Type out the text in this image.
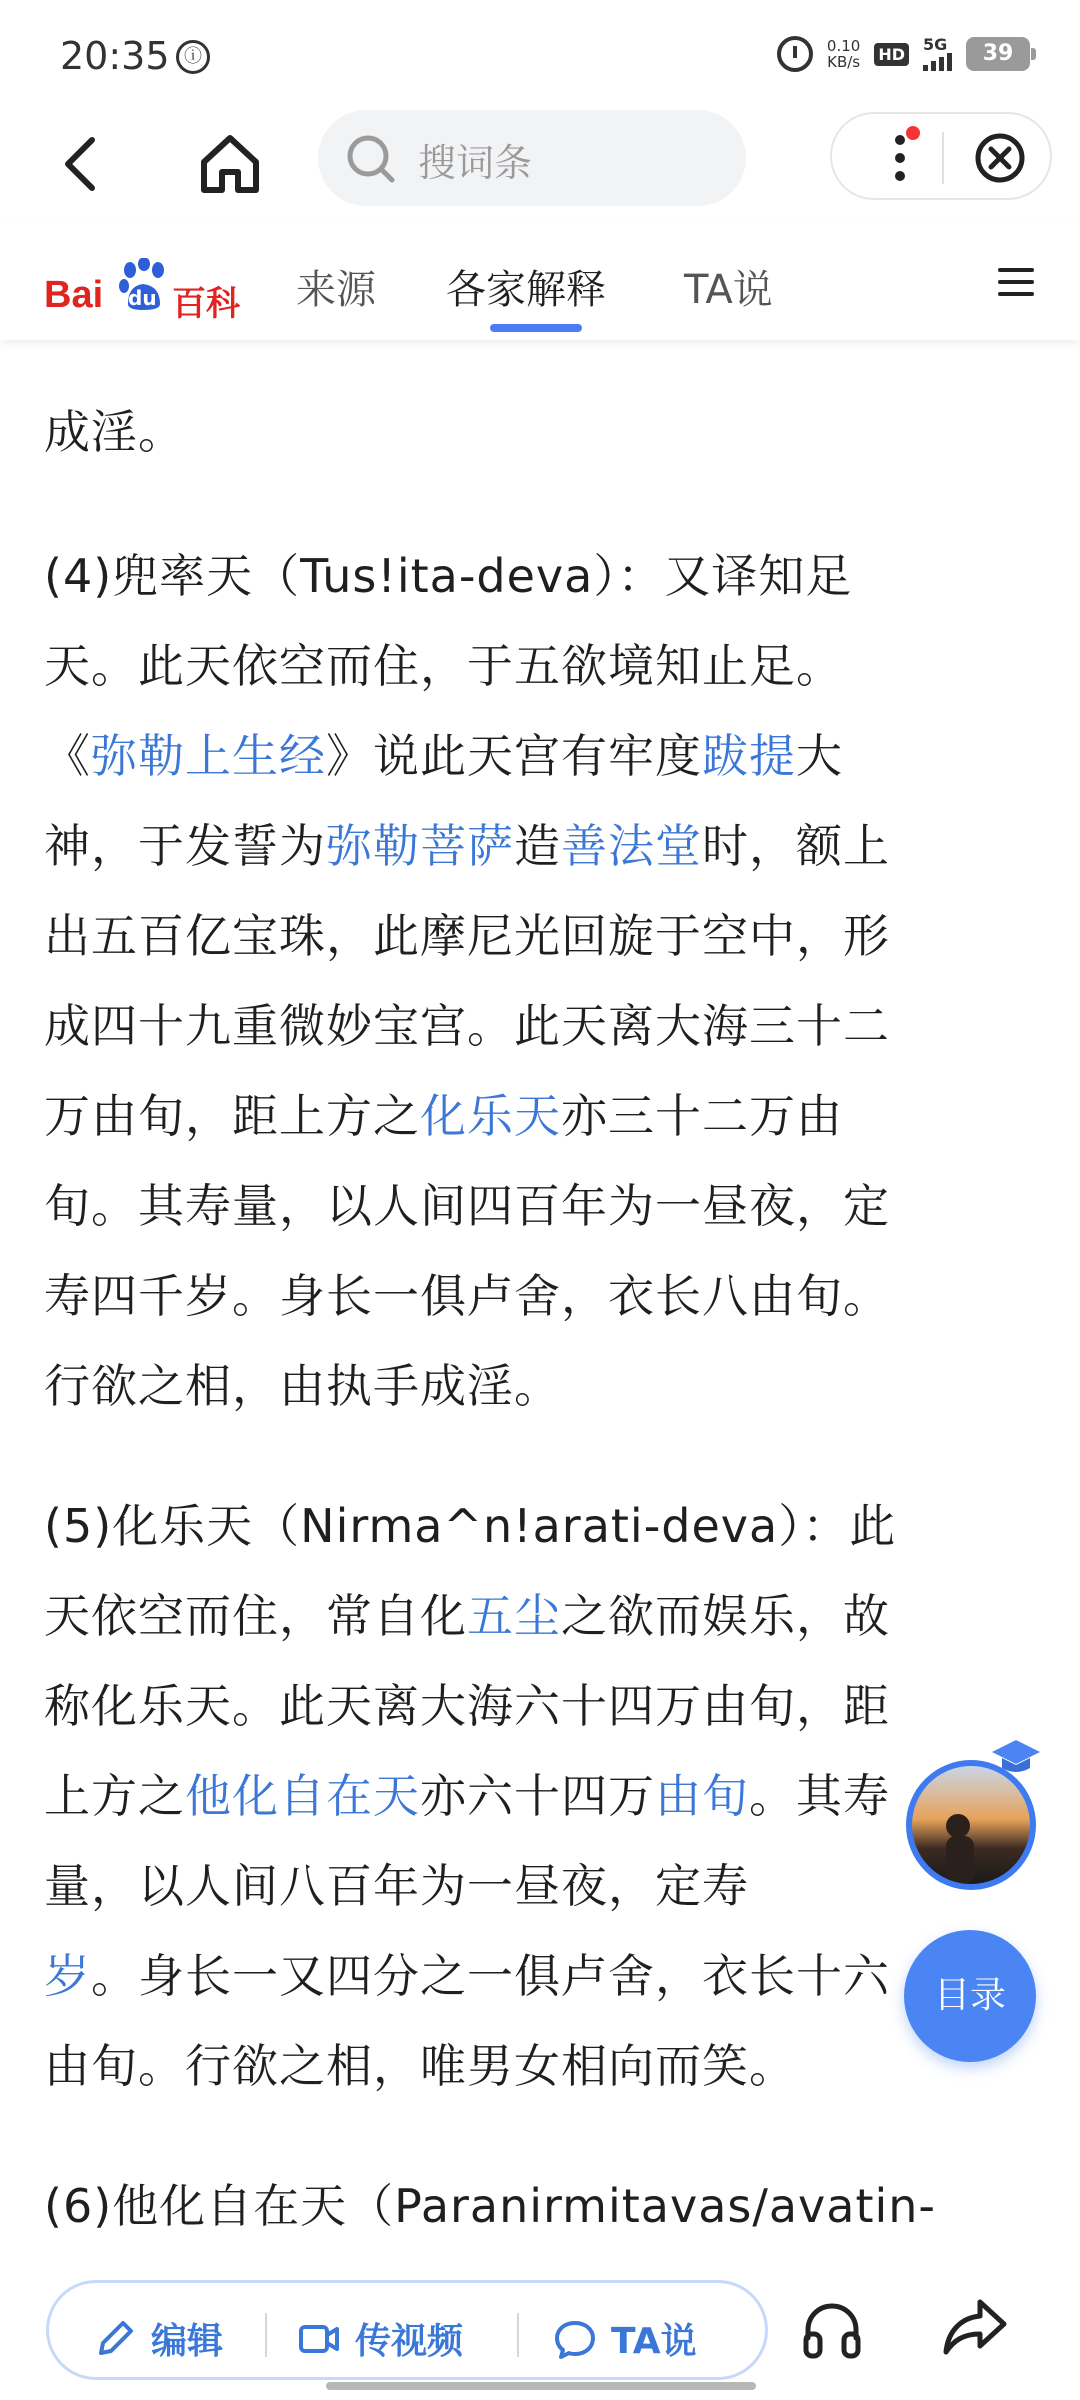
20:35 ⓘ	0.10
KB/s HD 5G	39
搜词条
Bai du 百科 来源 各家解释 TA说
成淫。
(4)兜率天（Tus!ita-deva）：又译知足
天。此天依空而住，于五欲境知止足。
《弥勒上生经》说此天宫有牢度跋提大
神，于发誓为弥勒菩萨造善法堂时，额上
出五百亿宝珠，此摩尼光回旋于空中，形
成四十九重微妙宝宫。此天离大海三十二
万由旬，距上方之化乐天亦三十二万由
旬。其寿量，以人间四百年为一昼夜，定
寿四千岁。身长一俱卢舍，衣长八由旬。
行欲之相，由执手成淫。
(5)化乐天（Nirma^n!arati-deva）：此
天依空而住，常自化五尘之欲而娱乐，故
称化乐天。此天离大海六十四万由旬，距
上方之他化自在天亦六十四万由旬。其寿
量，以人间八百年为一昼夜，定寿
岁。身长一又四分之一俱卢舍，衣长十六
由旬。行欲之相，唯男女相向而笑。
(6)他化自在天（Paranirmitavas/avatin-
目录
编辑	传视频	TA说
